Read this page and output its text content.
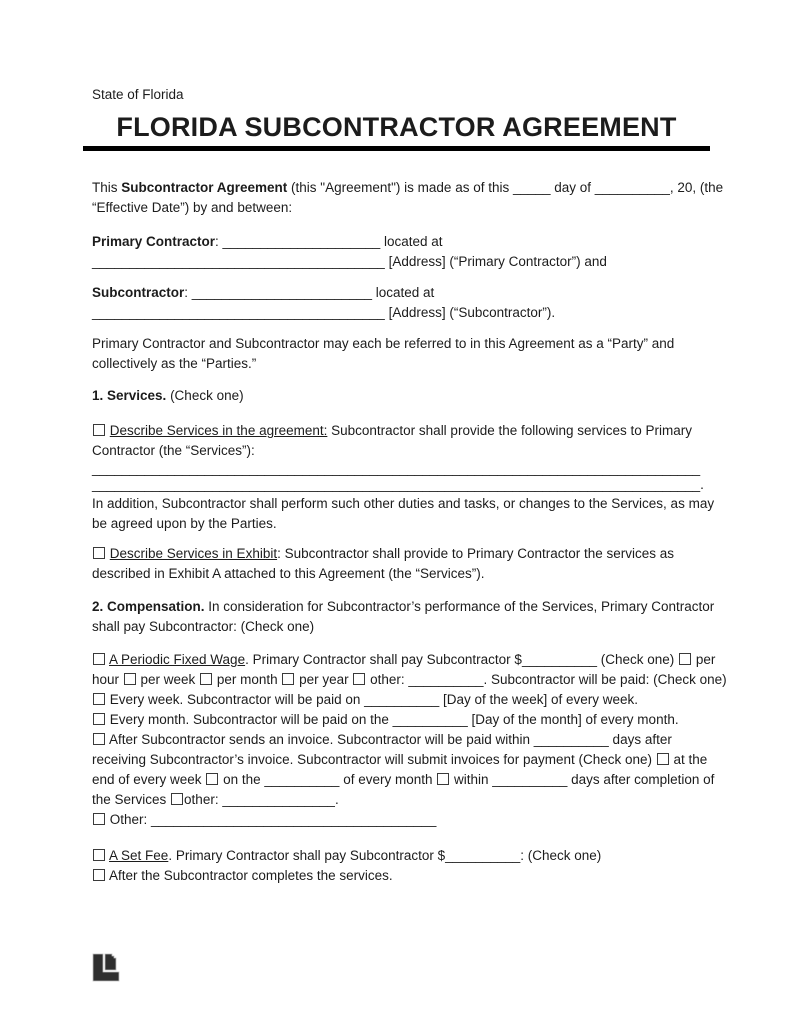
State of Florida
FLORIDA SUBCONTRACTOR AGREEMENT
This Subcontractor Agreement (this "Agreement") is made as of this _____ day of __________, 20, (the
“Effective Date”) by and between:
Primary Contractor: _____________________ located at
_______________________________________ [Address] (“Primary Contractor”) and
Subcontractor: ________________________ located at
_______________________________________ [Address] (“Subcontractor”).
Primary Contractor and Subcontractor may each be referred to in this Agreement as a “Party” and
collectively as the “Parties.”
1. Services. (Check one)
Describe Services in the agreement: Subcontractor shall provide the following services to Primary
Contractor (the “Services”):
_________________________________________________________________________________
_________________________________________________________________________________.
In addition, Subcontractor shall perform such other duties and tasks, or changes to the Services, as may
be agreed upon by the Parties.
Describe Services in Exhibit: Subcontractor shall provide to Primary Contractor the services as
described in Exhibit A attached to this Agreement (the “Services”).
2. Compensation. In consideration for Subcontractor’s performance of the Services, Primary Contractor
shall pay Subcontractor: (Check one)
A Periodic Fixed Wage. Primary Contractor shall pay Subcontractor $__________ (Check one)  per
hour  per week  per month  per year  other: __________. Subcontractor will be paid: (Check one)
Every week. Subcontractor will be paid on __________ [Day of the week] of every week.
Every month. Subcontractor will be paid on the __________ [Day of the month] of every month.
After Subcontractor sends an invoice. Subcontractor will be paid within __________ days after
receiving Subcontractor’s invoice. Subcontractor will submit invoices for payment (Check one)  at the
end of every week  on the __________ of every month  within __________ days after completion of
the Services other: _______________.
Other: ______________________________________
A Set Fee. Primary Contractor shall pay Subcontractor $__________: (Check one)
After the Subcontractor completes the services.
